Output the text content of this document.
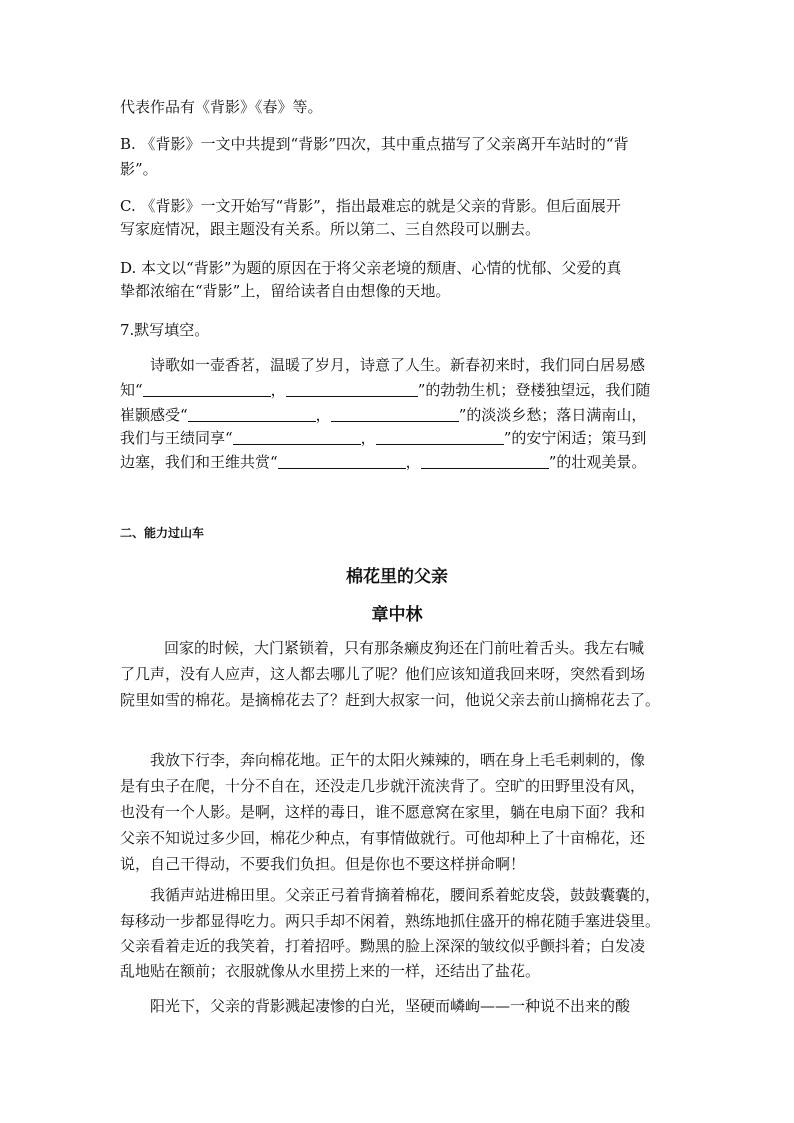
代表作品有《背影》《春》等。
B. 《背影》一文中共提到“背影”四次，其中重点描写了父亲离开车站时的“背
影”。
C. 《背影》一文开始写“背影”，指出最难忘的就是父亲的背影。但后面展开
写家庭情况，跟主题没有关系。所以第二、三自然段可以删去。
D. 本文以“背影”为题的原因在于将父亲老境的颓唐、心情的忧郁、父爱的真
挚都浓缩在“背影”上，留给读者自由想像的天地。
7.默写填空。
诗歌如一壶香茗，温暖了岁月，诗意了人生。新春初来时，我们同白居易感
知“	，	”的勃勃生机；登楼独望远，我们随
崔颢感受“	，	”的淡淡乡愁；落日满南山，
我们与王绩同享“	，	”的安宁闲适；策马到
边塞，我们和王维共赏“	，	”的壮观美景。
二、能力过山车
棉花里的父亲
章中林
回家的时候，大门紧锁着，只有那条癞皮狗还在门前吐着舌头。我左右喊
了几声，没有人应声，这人都去哪儿了呢？他们应该知道我回来呀，突然看到场
院里如雪的棉花。是摘棉花去了？赶到大叔家一问，他说父亲去前山摘棉花去了。
我放下行李，奔向棉花地。正午的太阳火辣辣的，晒在身上毛毛刺刺的，像
是有虫子在爬，十分不自在，还没走几步就汗流浃背了。空旷的田野里没有风，
也没有一个人影。是啊，这样的毒日，谁不愿意窝在家里，躺在电扇下面？我和
父亲不知说过多少回，棉花少种点，有事情做就行。可他却种上了十亩棉花，还
说，自己干得动，不要我们负担。但是你也不要这样拼命啊！
我循声站进棉田里。父亲正弓着背摘着棉花，腰间系着蛇皮袋，鼓鼓囊囊的，
每移动一步都显得吃力。两只手却不闲着，熟练地抓住盛开的棉花随手塞进袋里。
父亲看着走近的我笑着，打着招呼。黝黑的脸上深深的皱纹似乎颤抖着；白发凌
乱地贴在额前；衣服就像从水里捞上来的一样，还结出了盐花。
阳光下，父亲的背影溅起凄惨的白光，坚硬而嶙峋——一种说不出来的酸
